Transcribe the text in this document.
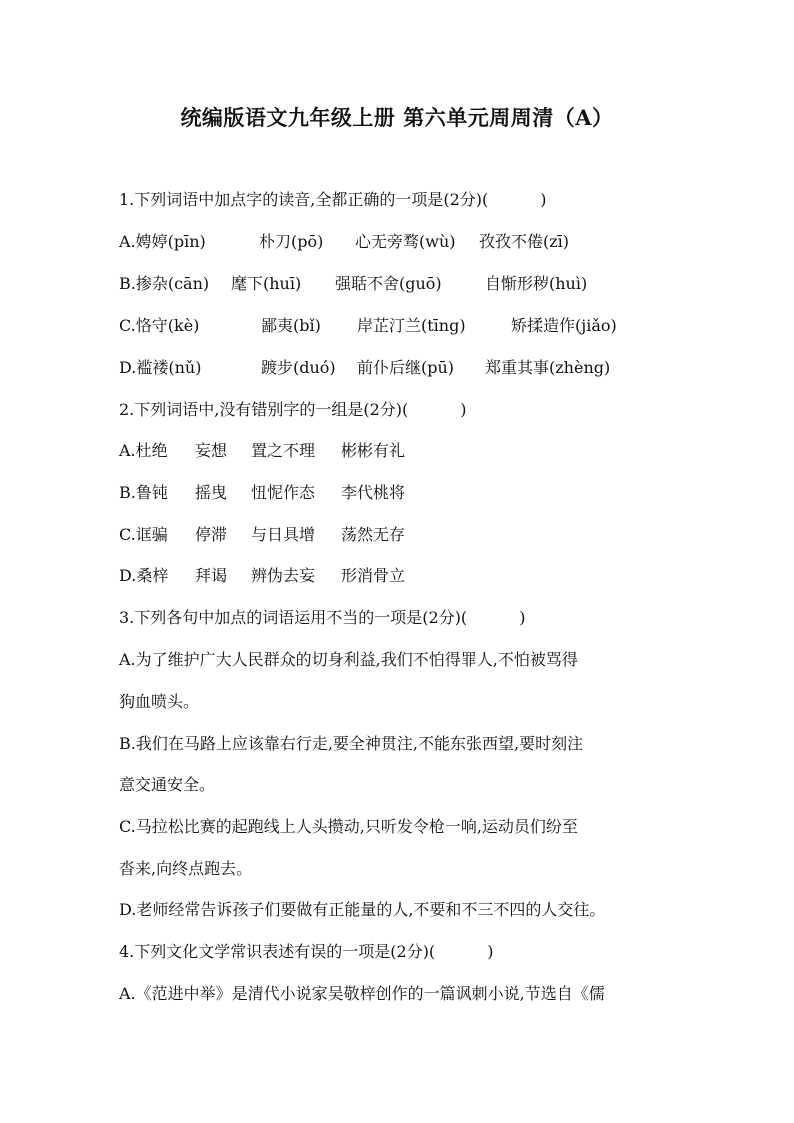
统编版语文九年级上册 第六单元周周清（A）
1.下列词语中加点字的读音,全都正确的一项是(2分)(	)
A.娉婷(pīn)	朴刀(pō) 心无旁骛(wù) 孜孜不倦(zī)
B.掺杂(cān) 麾下(huī) 强聒不舍(guō)	自惭形秽(huì)
C.恪守(kè)	鄙夷(bǐ) 岸芷汀兰(tīng)	矫揉造作(jiǎo)
D.褴褛(nǔ)	踱步(duó) 前仆后继(pū) 郑重其事(zhèng)
2.下列词语中,没有错别字的一组是(2分)(	)
A.杜绝 妄想 置之不理 彬彬有礼
B.鲁钝 摇曳 忸怩作态 李代桃将
C.诓骗 停滞 与日具增 荡然无存
D.桑梓 拜谒 辨伪去妄 形消骨立
3.下列各句中加点的词语运用不当的一项是(2分)(	)
A.为了维护广大人民群众的切身利益,我们不怕得罪人,不怕被骂得
狗血喷头。
B.我们在马路上应该靠右行走,要全神贯注,不能东张西望,要时刻注
意交通安全。
C.马拉松比赛的起跑线上人头攒动,只听发令枪一响,运动员们纷至
沓来,向终点跑去。
D.老师经常告诉孩子们要做有正能量的人,不要和不三不四的人交往。
4.下列文化文学常识表述有误的一项是(2分)(	)
A.《范进中举》是清代小说家吴敬梓创作的一篇讽刺小说,节选自《儒
